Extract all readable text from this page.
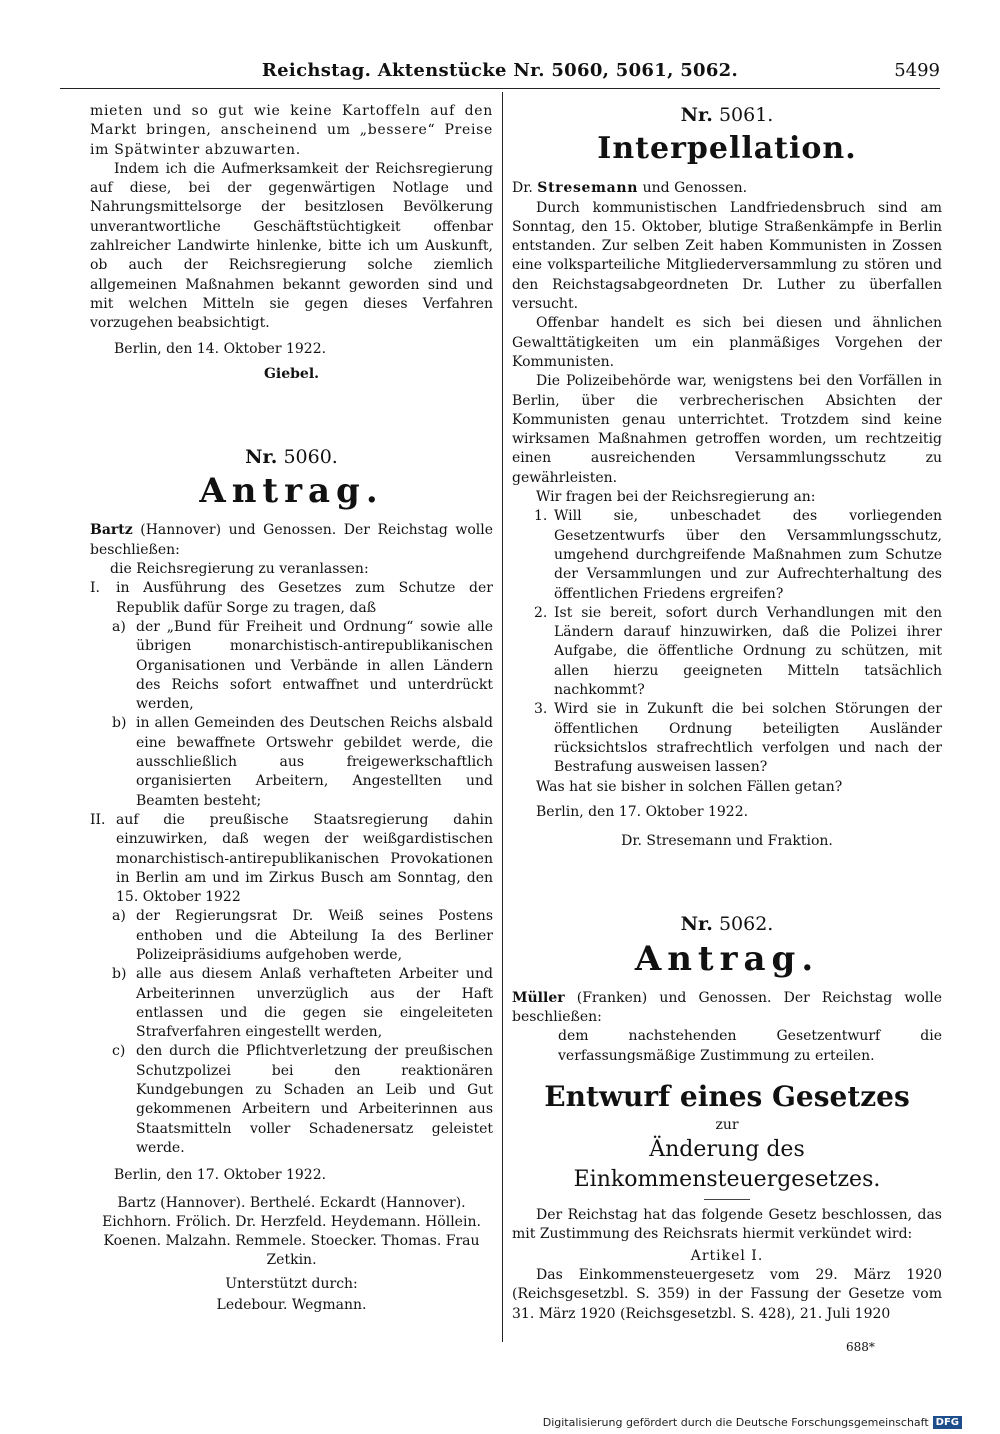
Reichstag. Aktenstücke Nr. 5060, 5061, 5062.	5499

mieten und so gut wie keine Kartoffeln auf den Markt bringen, anscheinend um „bessere“ Preise im Spätwinter abzuwarten.

Indem ich die Aufmerksamkeit der Reichsregierung auf diese, bei der gegenwärtigen Notlage und Nahrungsmittelsorge der besitzlosen Bevölkerung unverantwortliche Geschäftstüchtigkeit offenbar zahlreicher Landwirte hinlenke, bitte ich um Auskunft, ob auch der Reichsregierung solche ziemlich allgemeinen Maßnahmen bekannt geworden sind und mit welchen Mitteln sie gegen dieses Verfahren vorzugehen beabsichtigt.

Berlin, den 14. Oktober 1922.

Giebel.

Nr. 5060.
Antrag.

Bartz (Hannover) und Genossen. Der Reichstag wolle beschließen:

die Reichsregierung zu veranlassen:

I. in Ausführung des Gesetzes zum Schutze der Republik dafür Sorge zu tragen, daß
a) der „Bund für Freiheit und Ordnung“ sowie alle übrigen monarchistisch-antirepublikanischen Organisationen und Verbände in allen Ländern des Reichs sofort entwaffnet und unterdrückt werden,
b) in allen Gemeinden des Deutschen Reichs alsbald eine bewaffnete Ortswehr gebildet werde, die ausschließlich aus freigewerkschaftlich organisierten Arbeitern, Angestellten und Beamten besteht;
II. auf die preußische Staatsregierung dahin einzuwirken, daß wegen der weißgardistischen monarchistisch-antirepublikanischen Provokationen in Berlin am und im Zirkus Busch am Sonntag, den 15. Oktober 1922
a) der Regierungsrat Dr. Weiß seines Postens enthoben und die Abteilung Ia des Berliner Polizeipräsidiums aufgehoben werde,
b) alle aus diesem Anlaß verhafteten Arbeiter und Arbeiterinnen unverzüglich aus der Haft entlassen und die gegen sie eingeleiteten Strafverfahren eingestellt werden,
c) den durch die Pflichtverletzung der preußischen Schutzpolizei bei den reaktionären Kundgebungen zu Schaden an Leib und Gut gekommenen Arbeitern und Arbeiterinnen aus Staatsmitteln voller Schadenersatz geleistet werde.

Berlin, den 17. Oktober 1922.

Bartz (Hannover). Berthelé. Eckardt (Hannover). Eichhorn. Frölich. Dr. Herzfeld. Heydemann. Höllein. Koenen. Malzahn. Remmele. Stoecker. Thomas. Frau Zetkin.

Unterstützt durch:

Ledebour. Wegmann.

Nr. 5061.
Interpellation.

Dr. Stresemann und Genossen.

Durch kommunistischen Landfriedensbruch sind am Sonntag, den 15. Oktober, blutige Straßenkämpfe in Berlin entstanden. Zur selben Zeit haben Kommunisten in Zossen eine volksparteiliche Mitgliederversammlung zu stören und den Reichstagsabgeordneten Dr. Luther zu überfallen versucht.

Offenbar handelt es sich bei diesen und ähnlichen Gewalttätigkeiten um ein planmäßiges Vorgehen der Kommunisten.

Die Polizeibehörde war, wenigstens bei den Vorfällen in Berlin, über die verbrecherischen Absichten der Kommunisten genau unterrichtet. Trotzdem sind keine wirksamen Maßnahmen getroffen worden, um rechtzeitig einen ausreichenden Versammlungsschutz zu gewährleisten.

Wir fragen bei der Reichsregierung an:

1. Will sie, unbeschadet des vorliegenden Gesetzentwurfs über den Versammlungsschutz, umgehend durchgreifende Maßnahmen zum Schutze der Versammlungen und zur Aufrechterhaltung des öffentlichen Friedens ergreifen?
2. Ist sie bereit, sofort durch Verhandlungen mit den Ländern darauf hinzuwirken, daß die Polizei ihrer Aufgabe, die öffentliche Ordnung zu schützen, mit allen hierzu geeigneten Mitteln tatsächlich nachkommt?
3. Wird sie in Zukunft die bei solchen Störungen der öffentlichen Ordnung beteiligten Ausländer rücksichtslos strafrechtlich verfolgen und nach der Bestrafung ausweisen lassen?

Was hat sie bisher in solchen Fällen getan?

Berlin, den 17. Oktober 1922.

Dr. Stresemann und Fraktion.

Nr. 5062.
Antrag.

Müller (Franken) und Genossen. Der Reichstag wolle beschließen:

dem nachstehenden Gesetzentwurf die verfassungsmäßige Zustimmung zu erteilen.

Entwurf eines Gesetzes
zur
Änderung des Einkommensteuergesetzes.

Der Reichstag hat das folgende Gesetz beschlossen, das mit Zustimmung des Reichsrats hiermit verkündet wird:

Artikel I.

Das Einkommensteuergesetz vom 29. März 1920 (Reichsgesetzbl. S. 359) in der Fassung der Gesetze vom 31. März 1920 (Reichsgesetzbl. S. 428), 21. Juli 1920

688*
Digitalisierung gefördert durch die Deutsche Forschungsgemeinschaft DFG
